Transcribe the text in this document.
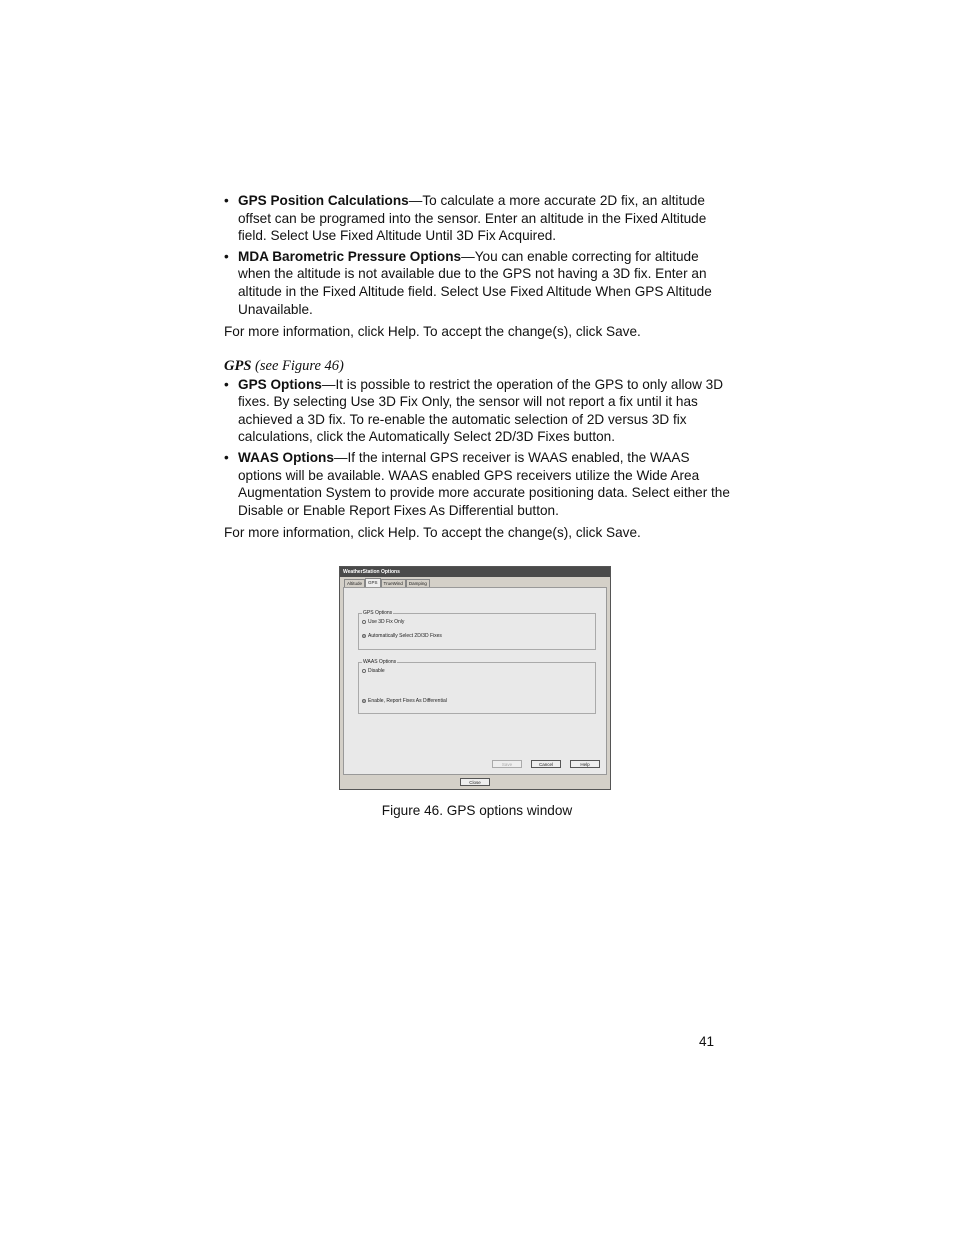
• GPS Position Calculations—To calculate a more accurate 2D fix, an altitude offset can be programed into the sensor. Enter an altitude in the Fixed Altitude field. Select Use Fixed Altitude Until 3D Fix Acquired.
• MDA Barometric Pressure Options—You can enable correcting for altitude when the altitude is not available due to the GPS not having a 3D fix. Enter an altitude in the Fixed Altitude field. Select Use Fixed Altitude When GPS Altitude Unavailable.
For more information, click Help. To accept the change(s), click Save.
GPS (see Figure 46)
• GPS Options—It is possible to restrict the operation of the GPS to only allow 3D fixes. By selecting Use 3D Fix Only, the sensor will not report a fix until it has achieved a 3D fix. To re-enable the automatic selection of 2D versus 3D fix calculations, click the Automatically Select 2D/3D Fixes button.
• WAAS Options—If the internal GPS receiver is WAAS enabled, the WAAS options will be available. WAAS enabled GPS receivers utilize the Wide Area Augmentation System to provide more accurate positioning data. Select either the Disable or Enable Report Fixes As Differential button.
For more information, click Help. To accept the change(s), click Save.
WeatherStation Options
Altitude	GPS	TrueWind	Damping
GPS Options
Use 3D Fix Only
Automatically Select 2D/3D Fixes
WAAS Options
Disable
Enable, Report Fixes As Differential
Save	Cancel	Help
Close
Figure 46. GPS options window
41
